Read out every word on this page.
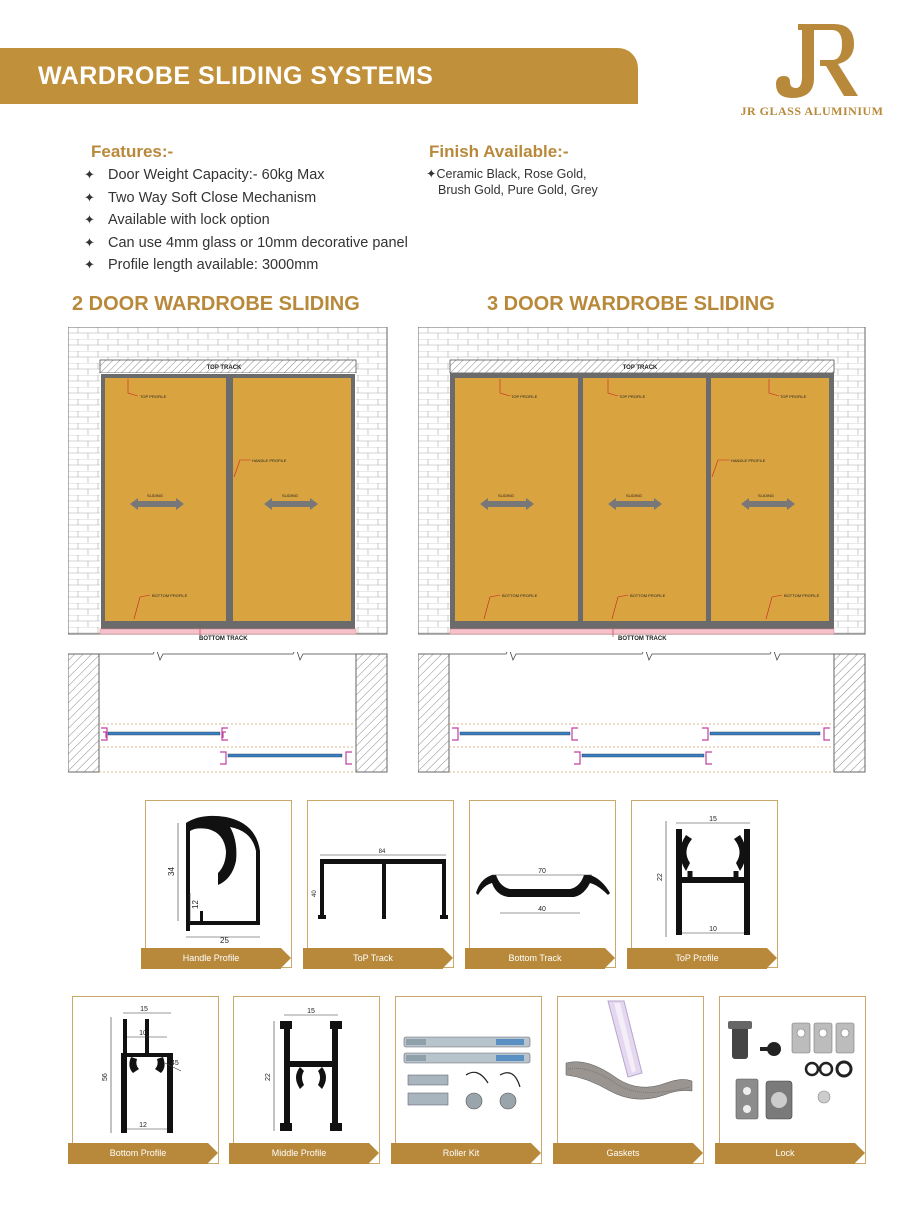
WARDROBE SLIDING SYSTEMS
JR GLASS ALUMINIUM
Features:-
✦ Door Weight Capacity:- 60kg Max
✦ Two Way Soft Close Mechanism
✦ Available with lock option
✦ Can use 4mm glass or 10mm decorative panel
✦ Profile length available: 3000mm
Finish Available:-
✦Ceramic Black, Rose Gold,
Brush Gold, Pure Gold, Grey
2 DOOR WARDROBE SLIDING	3 DOOR WARDROBE SLIDING
TOP TRACK
TOP PROFILE
HANDLE PROFILE
SLIDING	SLIDING
BOTTOM PROFILE
BOTTOM TRACK
TOP TRACK
TOP PROFILE	TOP PROFILE	TOP PROFILE
HANDLE PROFILE
SLIDING	SLIDING	SLIDING
BOTTOM PROFILE	BOTTOM PROFILE	BOTTOM PROFILE
BOTTOM TRACK
34
12
25
Handle Profile
84
40
ToP Track
70
40
Bottom Track
15
22
10
ToP Profile
15
10
56
12
45
Bottom Profile
15
22
Middle Profile	Roller Kit	Gaskets	Lock
